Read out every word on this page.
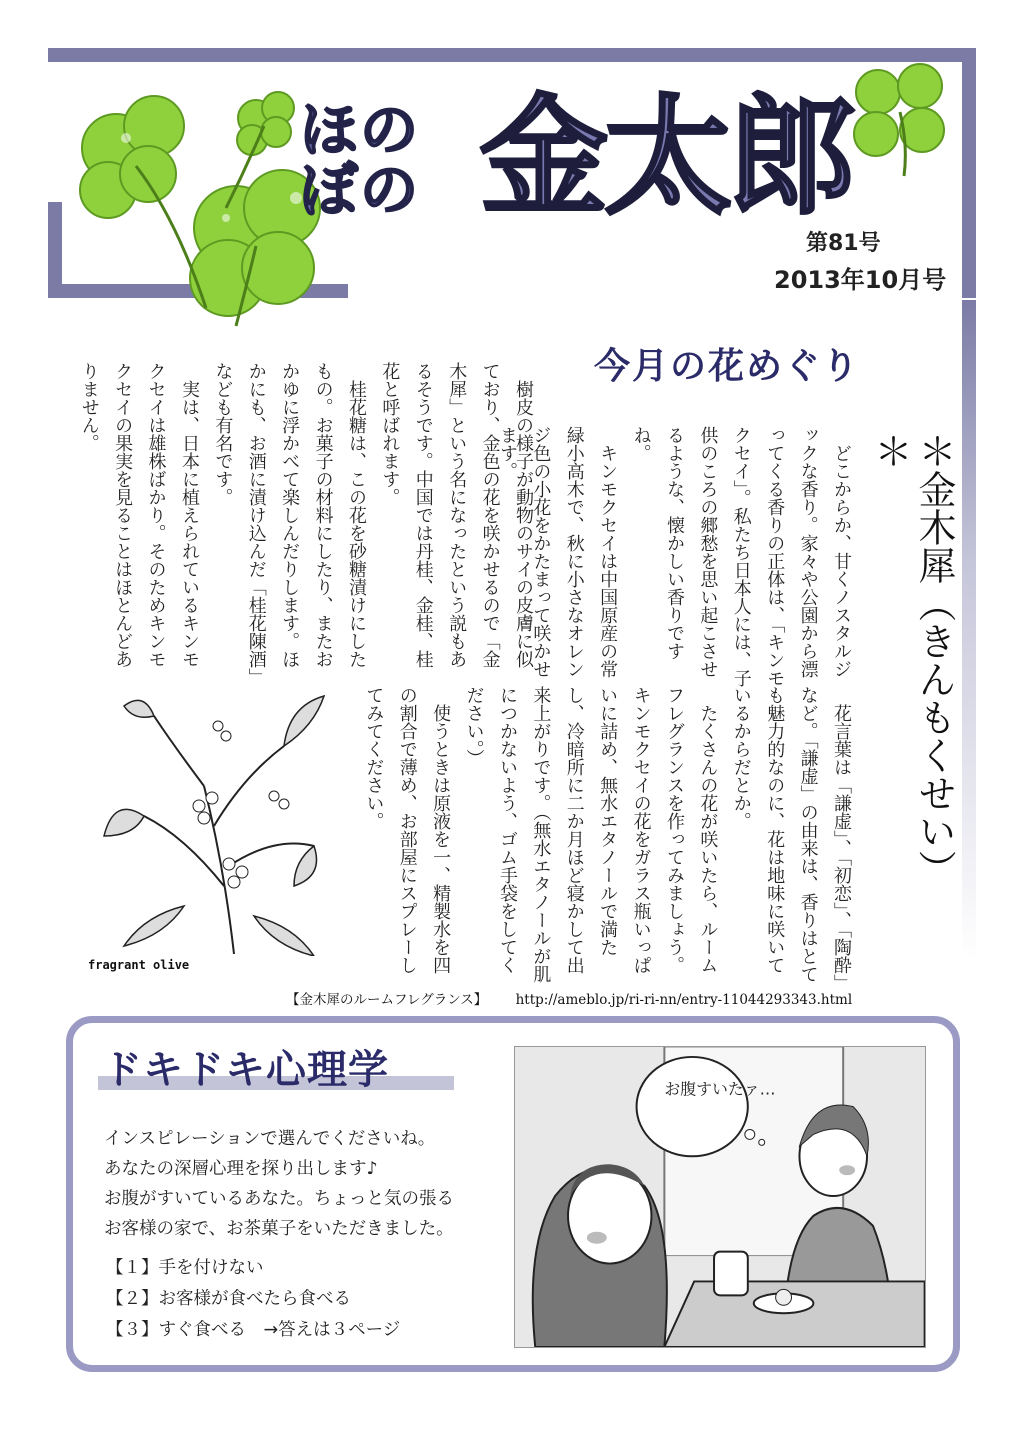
ほの
ぼの 金太郎
第81号
2013年10月号
今月の花めぐり
＊金木犀（きんもくせい）＊

どこからか、甘くノスタルジックな香り。家々や公園から漂ってくる香りの正体は、「キンモクセイ」。私たち日本人には、子供のころの郷愁を思い起こさせるような、懐かしい香りですね。

キンモクセイは中国原産の常緑小高木で、秋に小さなオレンジ色の小花をかたまって咲かせます。

樹皮の様子が動物のサイの皮膚に似ており、金色の花を咲かせるので「金木犀」という名になったという説もあるそうです。中国では丹桂、金桂、桂花と呼ばれます。

桂花糖は、この花を砂糖漬けにしたもの。お菓子の材料にしたり、またおかゆに浮かべて楽しんだりします。ほかにも、お酒に漬け込んだ「桂花陳酒」なども有名です。

実は、日本に植えられているキンモクセイは雄株ばかり。そのためキンモクセイの果実を見ることはほとんどありません。

花言葉は「謙虚」、「初恋」、「陶酔」など。「謙虚」の由来は、香りはとても魅力的なのに、花は地味に咲いているからだとか。

たくさんの花が咲いたら、ルームフレグランスを作ってみましょう。キンモクセイの花をガラス瓶いっぱいに詰め、無水エタノールで満たし、冷暗所に二か月ほど寝かして出来上がりです。（無水エタノールが肌につかないよう、ゴム手袋をしてください。）

使うときは原液を一、精製水を四の割合で薄め、お部屋にスプレーしてみてください。

fragrant olive
【金木犀のルームフレグランス】 http://ameblo.jp/ri-ri-nn/entry-11044293343.html
ドキドキ心理学
インスピレーションで選んでくださいね。
あなたの深層心理を探り出します♪
お腹がすいているあなた。ちょっと気の張る
お客様の家で、お茶菓子をいただきました。
【１】手を付けない
【２】お客様が食べたら食べる
【３】すぐ食べる　→答えは３ページ
お腹すいたァ…
